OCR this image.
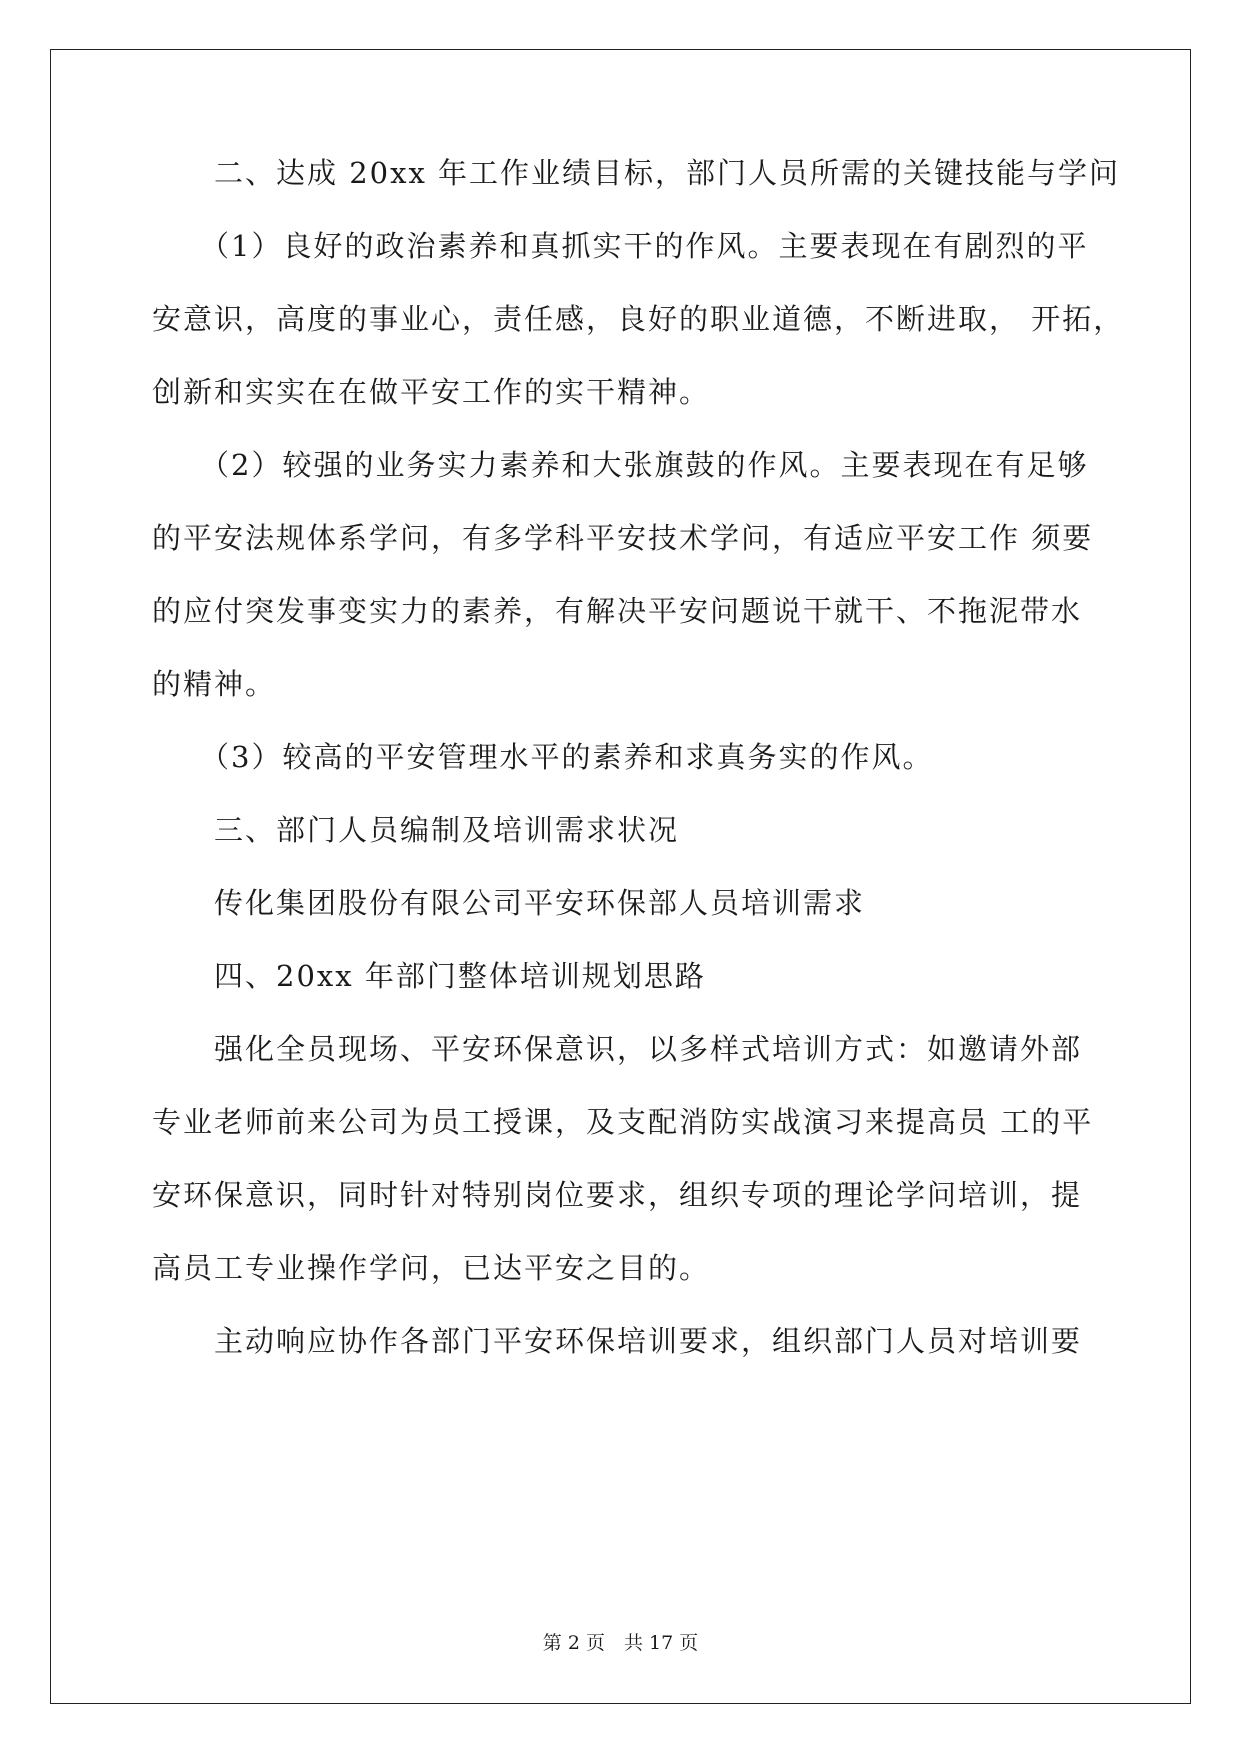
二、达成 20xx 年工作业绩目标，部门人员所需的关键技能与学问
（1）良好的政治素养和真抓实干的作风。主要表现在有剧烈的平
安意识，高度的事业心，责任感，良好的职业道德，不断进取， 开拓，
创新和实实在在做平安工作的实干精神。
（2）较强的业务实力素养和大张旗鼓的作风。主要表现在有足够
的平安法规体系学问，有多学科平安技术学问，有适应平安工作 须要
的应付突发事变实力的素养，有解决平安问题说干就干、不拖泥带水
的精神。
（3）较高的平安管理水平的素养和求真务实的作风。
三、部门人员编制及培训需求状况
传化集团股份有限公司平安环保部人员培训需求
四、20xx 年部门整体培训规划思路
强化全员现场、平安环保意识，以多样式培训方式：如邀请外部
专业老师前来公司为员工授课，及支配消防实战演习来提高员 工的平
安环保意识，同时针对特别岗位要求，组织专项的理论学问培训，提
高员工专业操作学问，已达平安之目的。
主动响应协作各部门平安环保培训要求，组织部门人员对培训要
第 2 页　共 17 页
